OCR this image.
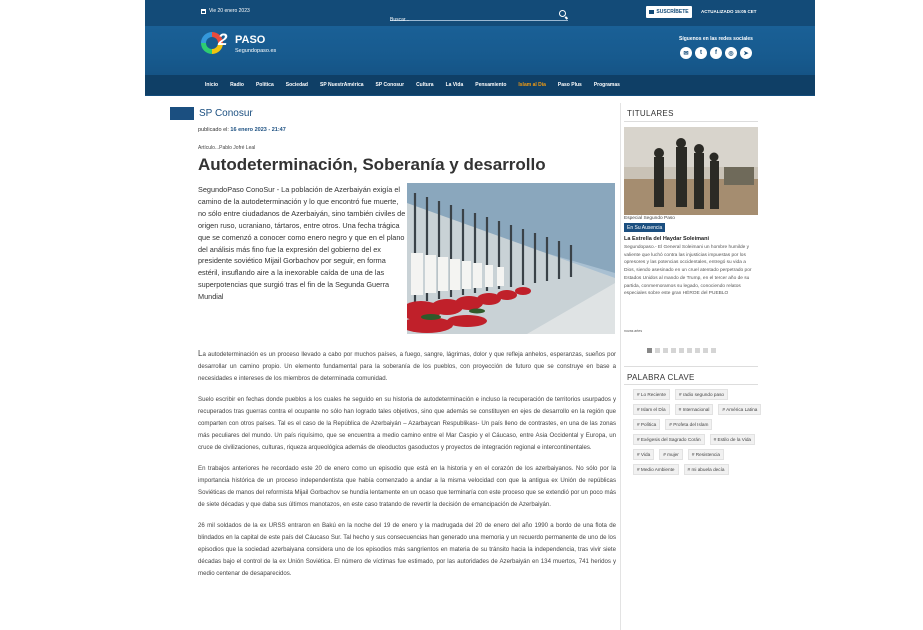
Vie 20 enero 2023
Buscar...	SUSCRÍBETE	ACTUALIZADO 15:05 CET
2 PASO
Segundopaso.es
Síguenos en las redes sociales
✉	t	f	◎	➤
Inicio Radio Política Sociedad SP NuestrAmérica SP Conosur Cultura La Vida Pensamiento Islam al Día Paso Plus Programas
SP Conosur
publicado el: 16 enero 2023 - 21:47
Artículo...Pablo Jofré Leal
Autodeterminación, Soberanía y desarrollo
SegundoPaso ConoSur - La población de Azerbaiyán exigía el camino de la autodeterminación y lo que encontró fue muerte, no sólo entre ciudadanos de Azerbaiyán, sino también civiles de origen ruso, ucraniano, tártaros, entre otros. Una fecha trágica que se comenzó a conocer como enero negro y que en el plano del análisis más fino fue la expresión del gobierno del ex presidente soviético Mijail Gorbachov por seguir, en forma estéril, insuflando aire a la inexorable caída de una de las superpotencias que surgió tras el fin de la Segunda Guerra Mundial

La autodeterminación es un proceso llevado a cabo por muchos países, a fuego, sangre, lágrimas, dolor y que refleja anhelos, esperanzas, sueños por desarrollar un camino propio. Un elemento fundamental para la soberanía de los pueblos, con proyección de futuro que se construye en base a necesidades e intereses de los miembros de determinada comunidad.

Suelo escribir en fechas donde pueblos a los cuales he seguido en su historia de autodeterminación e incluso la recuperación de territorios usurpados y recuperados tras guerras contra el ocupante no sólo han logrado tales objetivos, sino que además se constituyen en ejes de desarrollo en la región que comparten con otros países. Tal es el caso de la República de Azerbaiyán – Azarbaycan Respublikası- Un país lleno de contrastes, en una de las zonas más peculiares del mundo. Un país riquísimo, que se encuentra a medio camino entre el Mar Caspio y el Cáucaso, entre Asia Occidental y Europa, un cruce de civilizaciones, culturas, riqueza arqueológica además de oleoductos gasoductos y proyectos de integración regional e intercontinentales.

En trabajos anteriores he recordado este 20 de enero como un episodio que está en la historia y en el corazón de los azerbaiyanos. No sólo por la importancia histórica de un proceso independentista que había comenzado a andar a la misma velocidad con que la antigua ex Unión de repúblicas Soviéticas de manos del reformista Mijail Gorbachov se hundía lentamente en un ocaso que terminaría con este proceso que se extendió por un poco más de siete décadas y que daba sus últimos manotazos, en este caso tratando de revertir la decisión de emancipación de Azerbaiyán.

26 mil soldados de la ex URSS entraron en Bakú en la noche del 19 de enero y la madrugada del 20 de enero del año 1990 a bordo de una flota de blindados en la capital de este país del Cáucaso Sur. Tal hecho y sus consecuencias han generado una memoria y un recuerdo permanente de uno de los episodios que la sociedad azerbaiyana considera uno de los episodios más sangrientos en materia de su tránsito hacia la independencia, tras vivir siete décadas bajo el control de la ex Unión Soviética. El número de víctimas fue estimado, por las autoridades de Azerbaiyán en 134 muertos, 741 heridos y medio centenar de desaparecidos.

TITULARES
Especial Segundo Paso
En Su Ausencia
La Estrella del Haydar Soleimani
Segundopaso.- El General Soleimani un hombre humilde y valiente que luchó contra las injusticias impuestas por los opresores y las potencias occidentales, entregó su vida a Dios, siendo asesinado en un cruel atentado perpetrado por Estados Unidos al mando de Trump, en el tercer año de su partida, conmemoramos su legado, conociendo relatos especiales sobre este gran HÉROE del PUEBLO
novas artes
PALABRA CLAVE
# Lo Reciente	# radio segundo paso
# Islam el Día	# Internacional	# América Latina
# Política	# Profeta del Islam
# Exégesis del Sagrado Corán	# Estilo de la Vida
# Vida	# mujer	# Resistencia
# Medio Ambiente	# mi abuela decía
